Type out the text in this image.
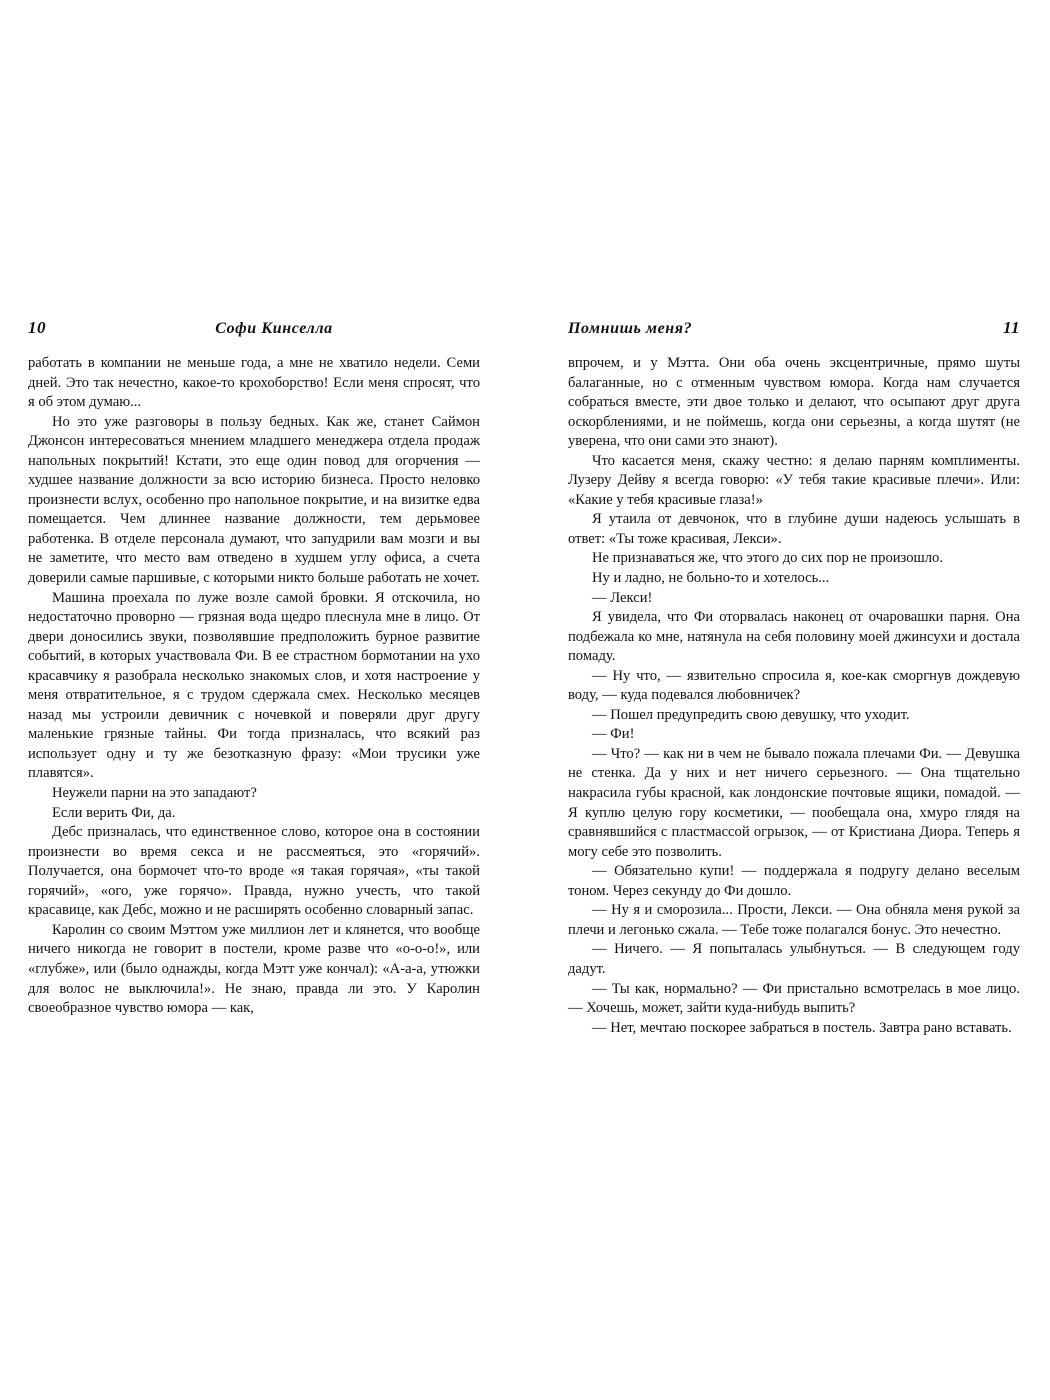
10	Софи Кинселла

работать в компании не меньше года, а мне не хватило недели. Семи дней. Это так нечестно, какое-то крохоборство! Если меня спросят, что я об этом думаю...

Но это уже разговоры в пользу бедных. Как же, станет Саймон Джонсон интересоваться мнением младшего менеджера отдела продаж напольных покрытий! Кстати, это еще один повод для огорчения — худшее название должности за всю историю бизнеса. Просто неловко произнести вслух, особенно про напольное покрытие, и на визитке едва помещается. Чем длиннее название должности, тем дерьмовее работенка. В отделе персонала думают, что запудрили вам мозги и вы не заметите, что место вам отведено в худшем углу офиса, а счета доверили самые паршивые, с которыми никто больше работать не хочет.

Машина проехала по луже возле самой бровки. Я отскочила, но недостаточно проворно — грязная вода щедро плеснула мне в лицо. От двери доносились звуки, позволявшие предположить бурное развитие событий, в которых участвовала Фи. В ее страстном бормотании на ухо красавчику я разобрала несколько знакомых слов, и хотя настроение у меня отвратительное, я с трудом сдержала смех. Несколько месяцев назад мы устроили девичник с ночевкой и поверяли друг другу маленькие грязные тайны. Фи тогда призналась, что всякий раз использует одну и ту же безотказную фразу: «Мои трусики уже плавятся».

Неужели парни на это западают?

Если верить Фи, да.

Дебс призналась, что единственное слово, которое она в состоянии произнести во время секса и не рассмеяться, это «горячий». Получается, она бормочет что-то вроде «я такая горячая», «ты такой горячий», «ого, уже горячо». Правда, нужно учесть, что такой красавице, как Дебс, можно и не расширять особенно словарный запас.

Каролин со своим Мэттом уже миллион лет и клянется, что вообще ничего никогда не говорит в постели, кроме разве что «о-о-о!», или «глубже», или (было однажды, когда Мэтт уже кончал): «А-а-а, утюжки для волос не выключила!». Не знаю, правда ли это. У Каролин своеобразное чувство юмора — как,

Помнишь меня?	11

впрочем, и у Мэтта. Они оба очень эксцентричные, прямо шуты балаганные, но с отменным чувством юмора. Когда нам случается собраться вместе, эти двое только и делают, что осыпают друг друга оскорблениями, и не поймешь, когда они серьезны, а когда шутят (не уверена, что они сами это знают).

Что касается меня, скажу честно: я делаю парням комплименты. Лузеру Дейву я всегда говорю: «У тебя такие красивые плечи». Или: «Какие у тебя красивые глаза!»

Я утаила от девчонок, что в глубине души надеюсь услышать в ответ: «Ты тоже красивая, Лекси».

Не признаваться же, что этого до сих пор не произошло.

Ну и ладно, не больно-то и хотелось...

— Лекси!

Я увидела, что Фи оторвалась наконец от очаровашки парня. Она подбежала ко мне, натянула на себя половину моей джинсухи и достала помаду.

— Ну что, — язвительно спросила я, кое-как сморгнув дождевую воду, — куда подевался любовничек?

— Пошел предупредить свою девушку, что уходит.

— Фи!

— Что? — как ни в чем не бывало пожала плечами Фи. — Девушка не стенка. Да у них и нет ничего серьезного. — Она тщательно накрасила губы красной, как лондонские почтовые ящики, помадой. — Я куплю целую гору косметики, — пообещала она, хмуро глядя на сравнявшийся с пластмассой огрызок, — от Кристиана Диора. Теперь я могу себе это позволить.

— Обязательно купи! — поддержала я подругу делано веселым тоном. Через секунду до Фи дошло.

— Ну я и сморозила... Прости, Лекси. — Она обняла меня рукой за плечи и легонько сжала. — Тебе тоже полагался бонус. Это нечестно.

— Ничего. — Я попыталась улыбнуться. — В следующем году дадут.

— Ты как, нормально? — Фи пристально всмотрелась в мое лицо. — Хочешь, может, зайти куда-нибудь выпить?

— Нет, мечтаю поскорее забраться в постель. Завтра рано вставать.
